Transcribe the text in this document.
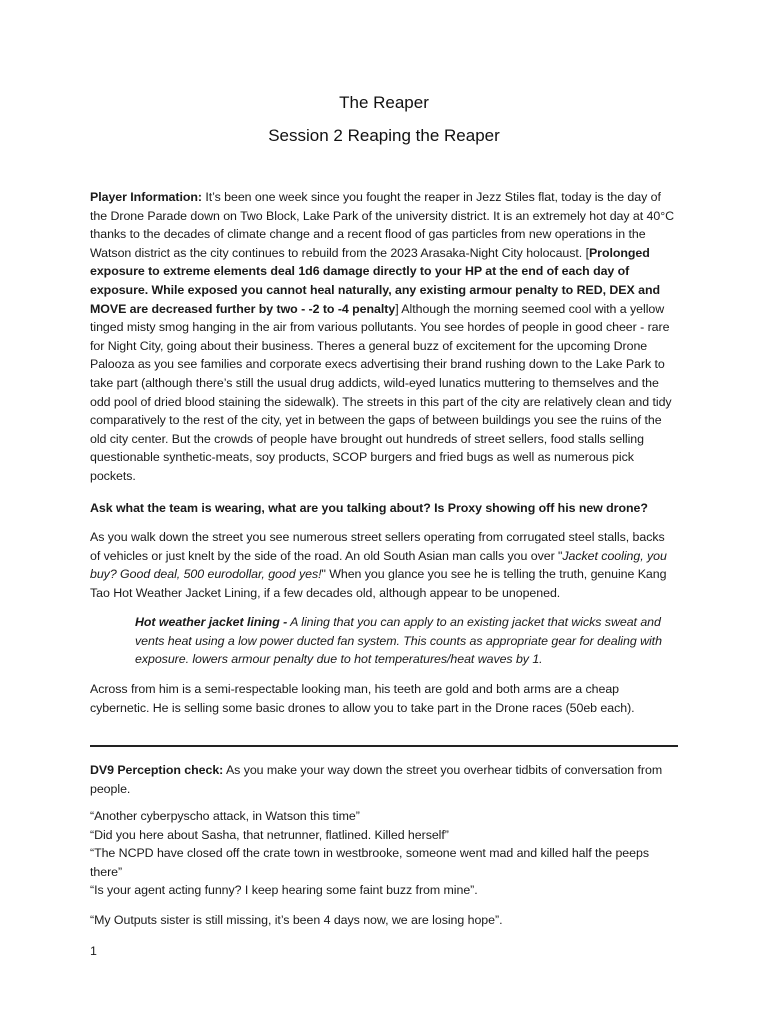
The Reaper
Session 2 Reaping the Reaper

Player Information: It’s been one week since you fought the reaper in Jezz Stiles flat, today is the day of the Drone Parade down on Two Block, Lake Park of the university district. It is an extremely hot day at 40°C thanks to the decades of climate change and a recent flood of gas particles from new operations in the Watson district as the city continues to rebuild from the 2023 Arasaka-Night City holocaust. [Prolonged exposure to extreme elements deal 1d6 damage directly to your HP at the end of each day of exposure. While exposed you cannot heal naturally, any existing armour penalty to RED, DEX and MOVE are decreased further by two - -2 to -4 penalty] Although the morning seemed cool with a yellow tinged misty smog hanging in the air from various pollutants. You see hordes of people in good cheer - rare for Night City, going about their business. Theres a general buzz of excitement for the upcoming Drone Palooza as you see families and corporate execs advertising their brand rushing down to the Lake Park to take part (although there’s still the usual drug addicts, wild-eyed lunatics muttering to themselves and the odd pool of dried blood staining the sidewalk). The streets in this part of the city are relatively clean and tidy comparatively to the rest of the city, yet in between the gaps of between buildings you see the ruins of the old city center. But the crowds of people have brought out hundreds of street sellers, food stalls selling questionable synthetic-meats, soy products, SCOP burgers and fried bugs as well as numerous pick pockets.

Ask what the team is wearing, what are you talking about? Is Proxy showing off his new drone?

As you walk down the street you see numerous street sellers operating from corrugated steel stalls, backs of vehicles or just knelt by the side of the road. An old South Asian man calls you over "Jacket cooling, you buy? Good deal, 500 eurodollar, good yes!" When you glance you see he is telling the truth, genuine Kang Tao Hot Weather Jacket Lining, if a few decades old, although appear to be unopened.

Hot weather jacket lining - A lining that you can apply to an existing jacket that wicks sweat and vents heat using a low power ducted fan system. This counts as appropriate gear for dealing with exposure. lowers armour penalty due to hot temperatures/heat waves by 1.

Across from him is a semi-respectable looking man, his teeth are gold and both arms are a cheap cybernetic. He is selling some basic drones to allow you to take part in the Drone races (50eb each).

DV9 Perception check: As you make your way down the street you overhear tidbits of conversation from people.

“Another cyberpyscho attack, in Watson this time”

“Did you here about Sasha, that netrunner, flatlined. Killed herself”

“The NCPD have closed off the crate town in westbrooke, someone went mad and killed half the peeps there”

“Is your agent acting funny? I keep hearing some faint buzz from mine”.

“My Outputs sister is still missing, it’s been 4 days now, we are losing hope”.

1
